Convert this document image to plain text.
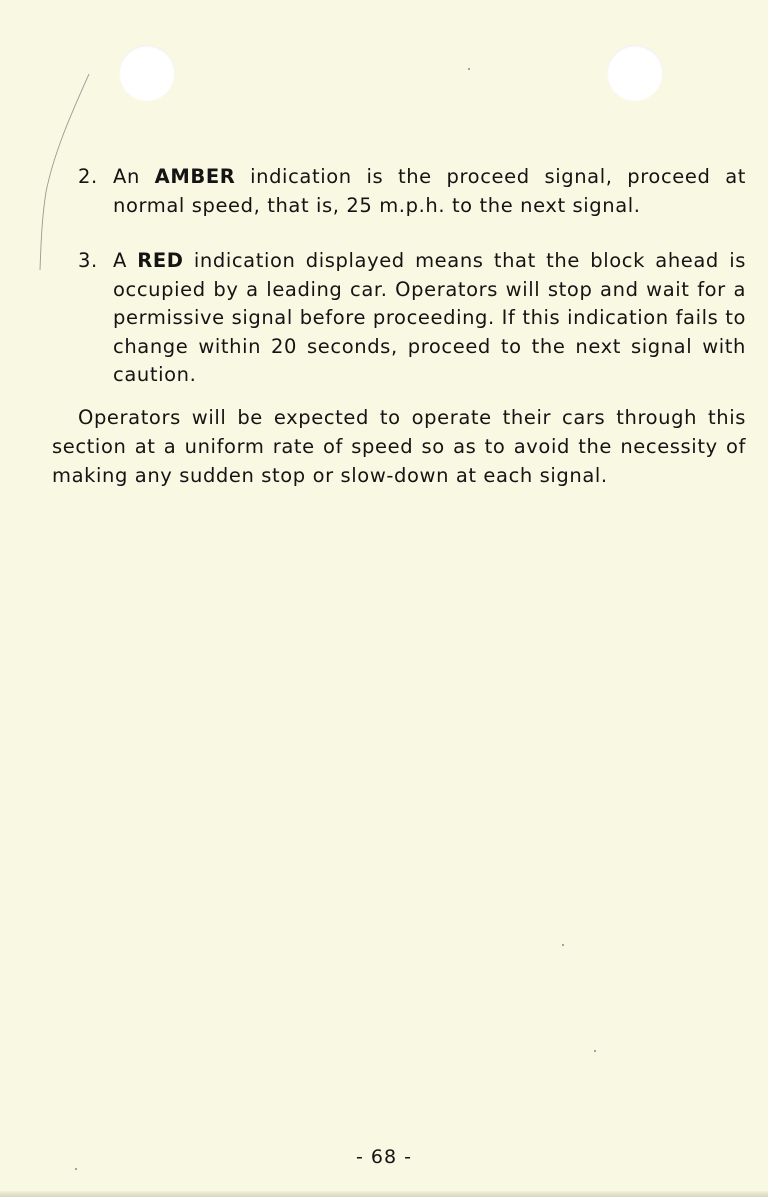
2. An AMBER indication is the proceed signal, proceed at normal speed, that is, 25 m.p.h. to the next signal.
3. A RED indication displayed means that the block ahead is occupied by a leading car. Operators will stop and wait for a permissive signal before proceeding. If this indication fails to change within 20 seconds, proceed to the next signal with caution.
Operators will be expected to operate their cars through this section at a uniform rate of speed so as to avoid the necessity of making any sudden stop or slow-down at each signal.
- 68 -
